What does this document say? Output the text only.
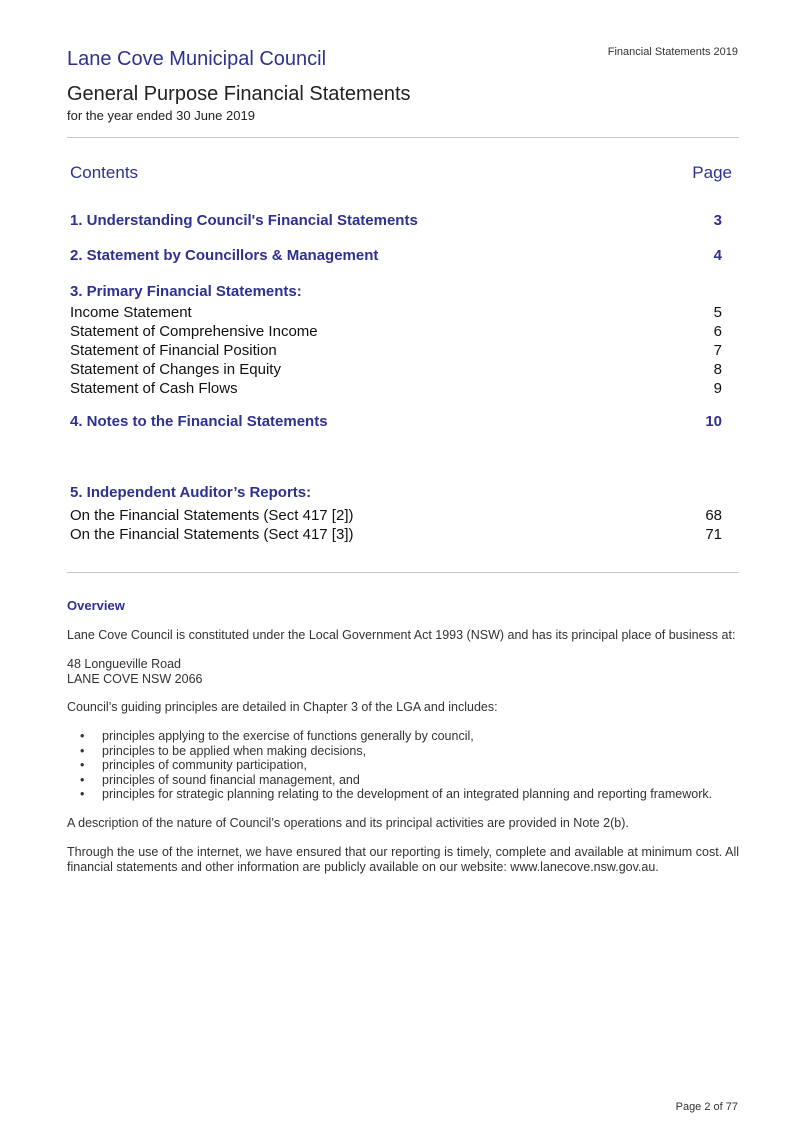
Financial Statements 2019
Lane Cove Municipal Council
General Purpose Financial Statements
for the year ended 30 June 2019
Contents	Page
1. Understanding Council's Financial Statements	3
2. Statement by Councillors & Management	4
3. Primary Financial Statements:
Income Statement	5
Statement of Comprehensive Income	6
Statement of Financial Position	7
Statement of Changes in Equity	8
Statement of Cash Flows	9
4. Notes to the Financial Statements	10
5. Independent Auditor’s Reports:
On the Financial Statements (Sect 417 [2])	68
On the Financial Statements (Sect 417 [3])	71
Overview
Lane Cove Council is constituted under the Local Government Act 1993 (NSW) and has its principal place of business at:
48 Longueville Road
LANE COVE NSW 2066
Council’s guiding principles are detailed in Chapter 3 of the LGA and includes:
• principles applying to the exercise of functions generally by council,
• principles to be applied when making decisions,
• principles of community participation,
• principles of sound financial management, and
• principles for strategic planning relating to the development of an integrated planning and reporting framework.
A description of the nature of Council’s operations and its principal activities are provided in Note 2(b).
Through the use of the internet, we have ensured that our reporting is timely, complete and available at minimum cost. All financial statements and other information are publicly available on our website: www.lanecove.nsw.gov.au.
Page 2 of 77
